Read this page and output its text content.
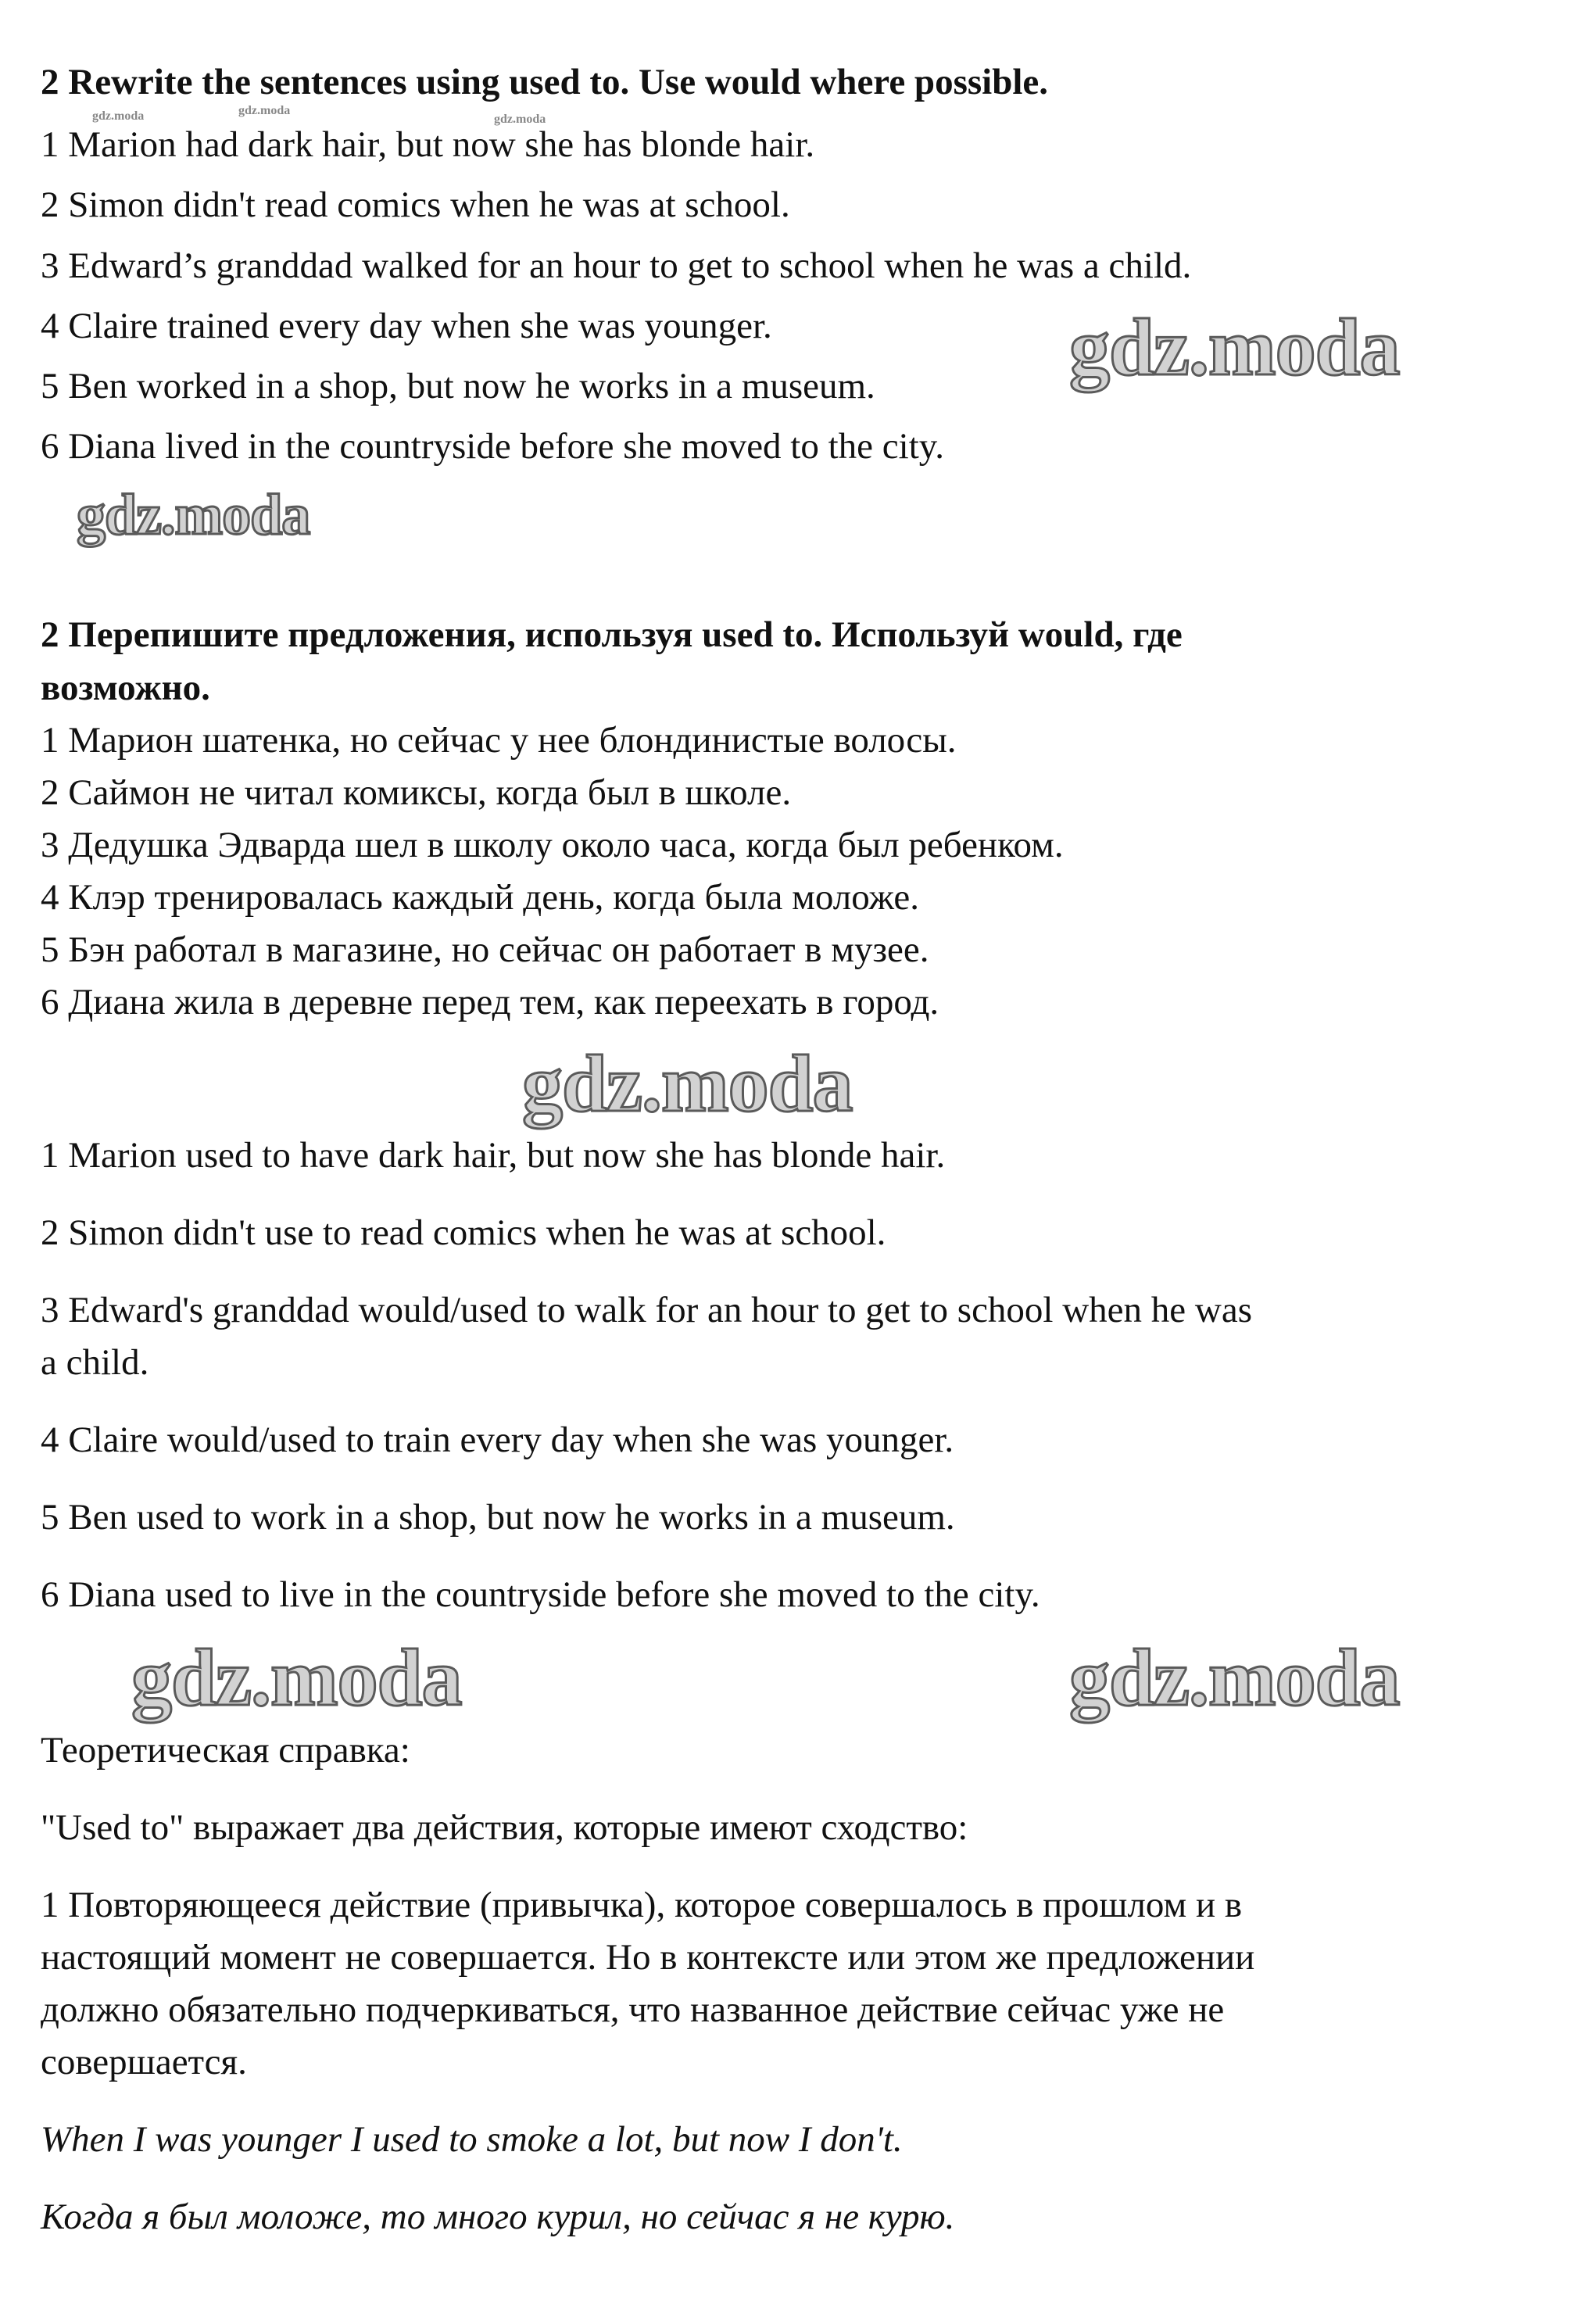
2 Rewrite the sentences using used to. Use would where possible.
1 Marion had dark hair, but now she has blonde hair.
2 Simon didn't read comics when he was at school.
3 Edward’s granddad walked for an hour to get to school when he was a child.
4 Claire trained every day when she was younger.
5 Ben worked in a shop, but now he works in a museum.
6 Diana lived in the countryside before she moved to the city.
2 Перепишите предложения, используя used to. Используй would, где
возможно.
1 Марион шатенка, но сейчас у нее блондинистые волосы.
2 Саймон не читал комиксы, когда был в школе.
3 Дедушка Эдварда шел в школу около часа, когда был ребенком.
4 Клэр тренировалась каждый день, когда была моложе.
5 Бэн работал в магазине, но сейчас он работает в музее.
6 Диана жила в деревне перед тем, как переехать в город.
1 Marion used to have dark hair, but now she has blonde hair.
2 Simon didn't use to read comics when he was at school.
3 Edward's granddad would/used to walk for an hour to get to school when he was
a child.
4 Claire would/used to train every day when she was younger.
5 Ben used to work in a shop, but now he works in a museum.
6 Diana used to live in the countryside before she moved to the city.
Теоретическая справка:
"Used to" выражает два действия, которые имеют сходство:
1 Повторяющееся действие (привычка), которое совершалось в прошлом и в
настоящий момент не совершается. Но в контексте или этом же предложении
должно обязательно подчеркиваться, что названное действие сейчас уже не
совершается.
When I was younger I used to smoke a lot, but now I don't.
Когда я был моложе, то много курил, но сейчас я не курю.
gdz.moda	gdz.moda
gdz.moda
gdz.moda
gdz.moda
gdz.moda
gdz.moda	gdz.moda
